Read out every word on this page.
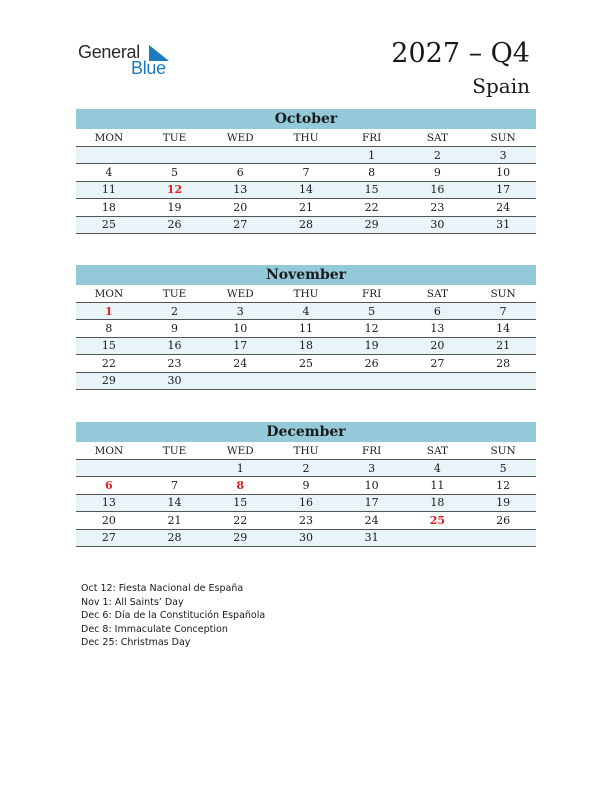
General
Blue	2027 – Q4
Spain
October
MON	TUE	WED	THU	FRI	SAT	SUN
				1	2	3
4	5	6	7	8	9	10
11	12	13	14	15	16	17
18	19	20	21	22	23	24
25	26	27	28	29	30	31
November
MON	TUE	WED	THU	FRI	SAT	SUN
1	2	3	4	5	6	7
8	9	10	11	12	13	14
15	16	17	18	19	20	21
22	23	24	25	26	27	28
29	30					
December
MON	TUE	WED	THU	FRI	SAT	SUN
		1	2	3	4	5
6	7	8	9	10	11	12
13	14	15	16	17	18	19
20	21	22	23	24	25	26
27	28	29	30	31		
Oct 12: Fiesta Nacional de España
Nov 1: All Saints’ Day
Dec 6: Día de la Constitución Española
Dec 8: Immaculate Conception
Dec 25: Christmas Day
